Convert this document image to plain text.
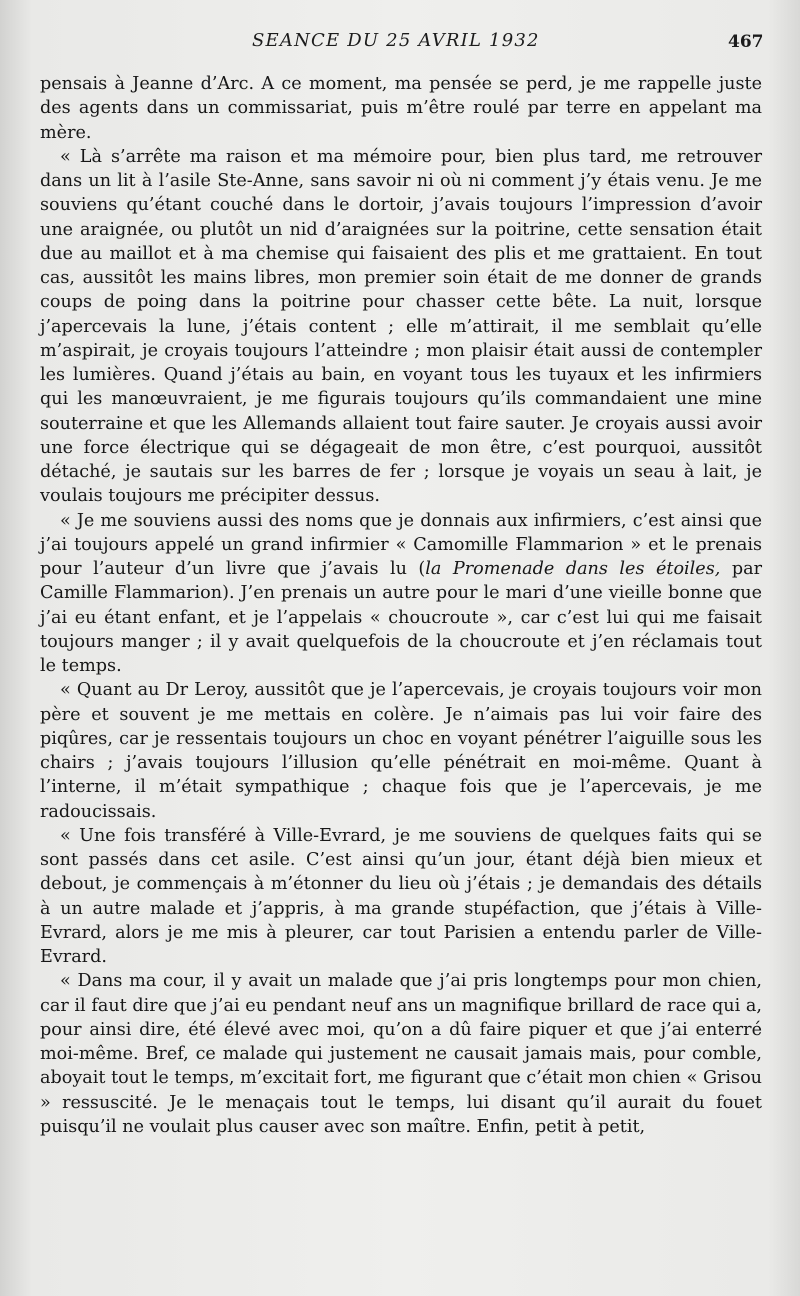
SEANCE DU 25 AVRIL 1932	467

pensais à Jeanne d’Arc. A ce moment, ma pensée se perd, je me rappelle juste des agents dans un commissariat, puis m’être roulé par terre en appelant ma mère.

« Là s’arrête ma raison et ma mémoire pour, bien plus tard, me retrouver dans un lit à l’asile Ste-Anne, sans savoir ni où ni comment j’y étais venu. Je me souviens qu’étant couché dans le dortoir, j’avais toujours l’impression d’avoir une araignée, ou plutôt un nid d’araignées sur la poitrine, cette sensation était due au maillot et à ma chemise qui faisaient des plis et me grattaient. En tout cas, aussitôt les mains libres, mon premier soin était de me donner de grands coups de poing dans la poitrine pour chasser cette bête. La nuit, lorsque j’apercevais la lune, j’étais content ; elle m’attirait, il me semblait qu’elle m’aspirait, je croyais toujours l’atteindre ; mon plaisir était aussi de contempler les lumières. Quand j’étais au bain, en voyant tous les tuyaux et les infirmiers qui les manœuvraient, je me figurais toujours qu’ils commandaient une mine souterraine et que les Allemands allaient tout faire sauter. Je croyais aussi avoir une force électrique qui se dégageait de mon être, c’est pourquoi, aussitôt détaché, je sautais sur les barres de fer ; lorsque je voyais un seau à lait, je voulais toujours me précipiter dessus.

« Je me souviens aussi des noms que je donnais aux infirmiers, c’est ainsi que j’ai toujours appelé un grand infirmier « Camomille Flammarion » et le prenais pour l’auteur d’un livre que j’avais lu (la Promenade dans les étoiles, par Camille Flammarion). J’en prenais un autre pour le mari d’une vieille bonne que j’ai eu étant enfant, et je l’appelais « choucroute », car c’est lui qui me faisait toujours manger ; il y avait quelquefois de la choucroute et j’en réclamais tout le temps.

« Quant au Dr Leroy, aussitôt que je l’apercevais, je croyais toujours voir mon père et souvent je me mettais en colère. Je n’aimais pas lui voir faire des piqûres, car je ressentais toujours un choc en voyant pénétrer l’aiguille sous les chairs ; j’avais toujours l’illusion qu’elle pénétrait en moi-même. Quant à l’interne, il m’était sympathique ; chaque fois que je l’apercevais, je me radoucissais.

« Une fois transféré à Ville-Evrard, je me souviens de quelques faits qui se sont passés dans cet asile. C’est ainsi qu’un jour, étant déjà bien mieux et debout, je commençais à m’étonner du lieu où j’étais ; je demandais des détails à un autre malade et j’appris, à ma grande stupéfaction, que j’étais à Ville-Evrard, alors je me mis à pleurer, car tout Parisien a entendu parler de Ville-Evrard.

« Dans ma cour, il y avait un malade que j’ai pris longtemps pour mon chien, car il faut dire que j’ai eu pendant neuf ans un magnifique brillard de race qui a, pour ainsi dire, été élevé avec moi, qu’on a dû faire piquer et que j’ai enterré moi-même. Bref, ce malade qui justement ne causait jamais mais, pour comble, aboyait tout le temps, m’excitait fort, me figurant que c’était mon chien « Grisou » ressuscité. Je le menaçais tout le temps, lui disant qu’il aurait du fouet puisqu’il ne voulait plus causer avec son maître. Enfin, petit à petit,
